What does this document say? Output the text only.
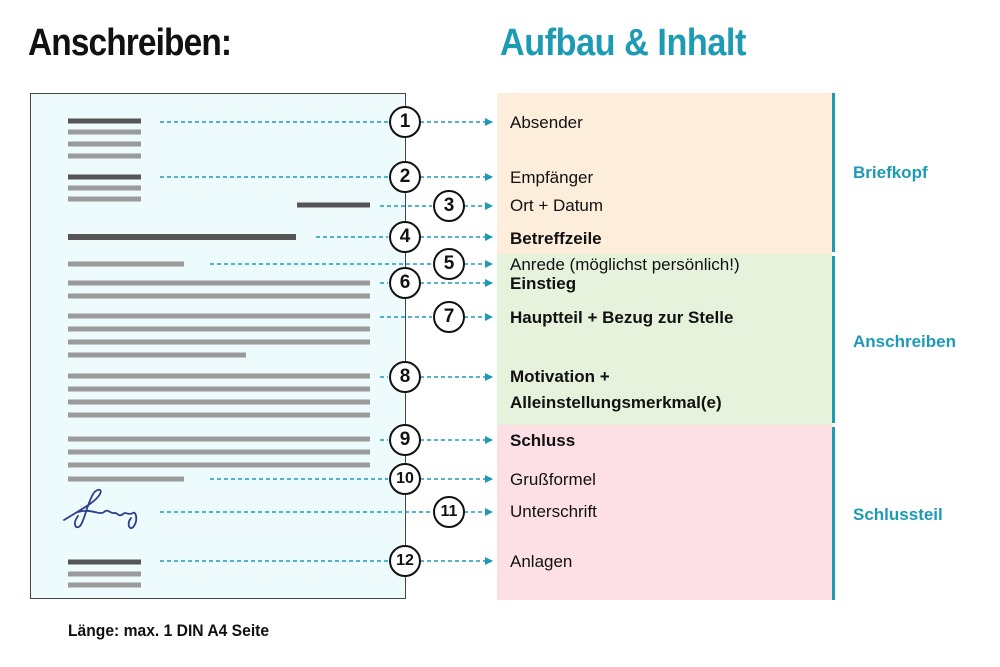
Anschreiben:	Aufbau & Inhalt
Briefkopf
Anschreiben
Schlussteil
1
2
3
4
5
6
7
8
9
10
11
12
Absender
Empfänger
Ort + Datum
Betreffzeile
Anrede (möglichst persönlich!)
Einstieg
Hauptteil + Bezug zur Stelle
Motivation +
Alleinstellungsmerkmal(e)
Schluss
Grußformel
Unterschrift
Anlagen
Länge: max. 1 DIN A4 Seite
